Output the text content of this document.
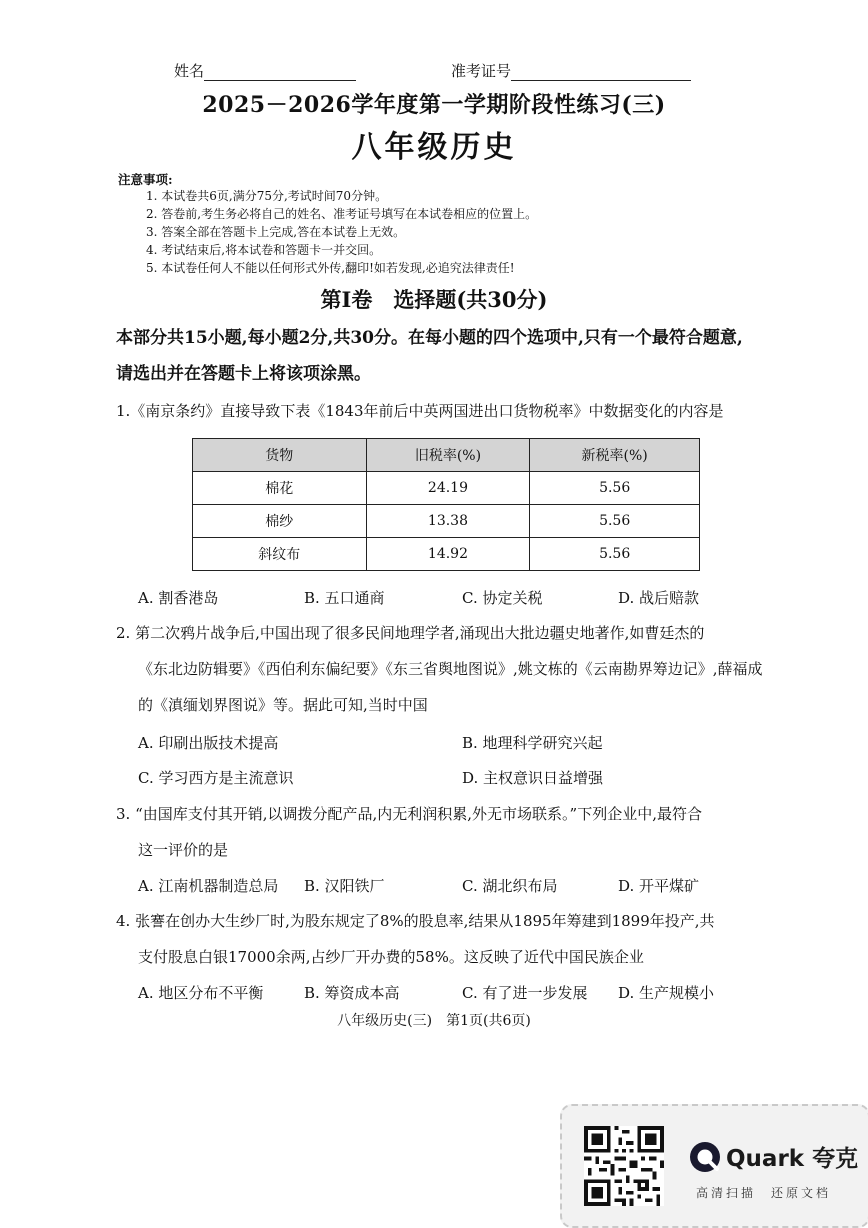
姓名	准考证号
2025－2026学年度第一学期阶段性练习(三)
八年级历史
注意事项:
1. 本试卷共6页,满分75分,考试时间70分钟。
2. 答卷前,考生务必将自己的姓名、准考证号填写在本试卷相应的位置上。
3. 答案全部在答题卡上完成,答在本试卷上无效。
4. 考试结束后,将本试卷和答题卡一并交回。
5. 本试卷任何人不能以任何形式外传,翻印!如若发现,必追究法律责任!
第Ⅰ卷　选择题(共30分)
本部分共15小题,每小题2分,共30分。在每小题的四个选项中,只有一个最符合题意,请选出并在答题卡上将该项涂黑。
1.《南京条约》直接导致下表《1843年前后中英两国进出口货物税率》中数据变化的内容是
货物	旧税率(%)	新税率(%)
棉花	24.19	5.56
棉纱	13.38	5.56
斜纹布	14.92	5.56
A. 割香港岛	B. 五口通商	C. 协定关税	D. 战后赔款
2. 第二次鸦片战争后,中国出现了很多民间地理学者,涌现出大批边疆史地著作,如曹廷杰的
《东北边防辑要》《西伯利东偏纪要》《东三省舆地图说》,姚文栋的《云南勘界筹边记》,薛福成
的《滇缅划界图说》等。据此可知,当时中国
A. 印刷出版技术提高	B. 地理科学研究兴起
C. 学习西方是主流意识	D. 主权意识日益增强
3. “由国库支付其开销,以调拨分配产品,内无利润积累,外无市场联系。”下列企业中,最符合
这一评价的是
A. 江南机器制造总局 B. 汉阳铁厂	C. 湖北织布局	D. 开平煤矿
4. 张謇在创办大生纱厂时,为股东规定了8%的股息率,结果从1895年筹建到1899年投产,共
支付股息白银17000余两,占纱厂开办费的58%。这反映了近代中国民族企业
A. 地区分布不平衡	B. 筹资成本高	C. 有了进一步发展 D. 生产规模小
八年级历史(三)　第1页(共6页)
Quark 夸克
高清扫描　还原文档
